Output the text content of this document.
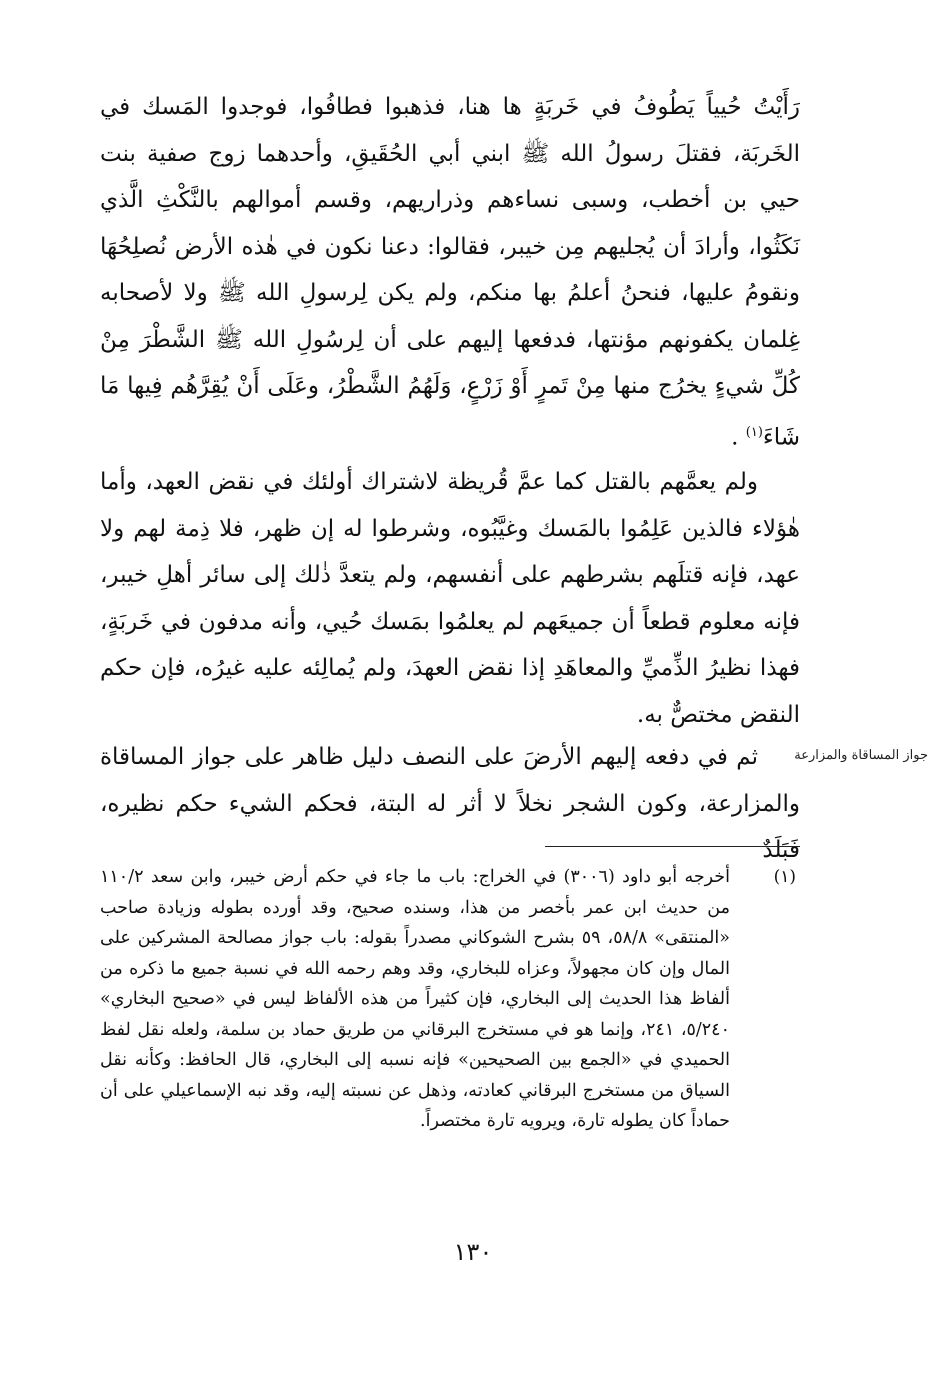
رَأَيْتُ حُيياً يَطُوفُ في خَربَةٍ ها هنا، فذهبوا فطافُوا، فوجدوا المَسك في الخَربَة، فقتلَ رسولُ الله ﷺ ابني أبي الحُقَيقِ، وأحدهما زوج صفية بنت حيي بن أخطب، وسبى نساءهم وذراريهم، وقسم أموالهم بالنَّكْثِ الَّذي نَكَثُوا، وأرادَ أن يُجليهم مِن خيبر، فقالوا: دعنا نكون في هٰذه الأرض نُصلِحُهَا ونقومُ عليها، فنحنُ أعلمُ بها منكم، ولم يكن لِرسولِ الله ﷺ ولا لأصحابه غِلمان يكفونهم مؤنتها، فدفعها إليهم على أن لِرسُولِ الله ﷺ الشَّطْرَ مِنْ كُلِّ شيءٍ يخرُج منها مِنْ تَمرٍ أَوْ زَرْعٍ، وَلَهُمُ الشَّطْرُ، وعَلَى أَنْ يُقِرَّهُم فِيها مَا شَاءَ$^{(١)}$ .

ولم يعمَّهم بالقتل كما عمَّ قُريظة لاشتراك أولئك في نقض العهد، وأما هٰؤلاء فالذين عَلِمُوا بالمَسك وغيَّبُوه، وشرطوا له إن ظهر، فلا ذِمة لهم ولا عهد، فإنه قتلَهم بشرطهم على أنفسهم، ولم يتعدَّ ذٰلك إلى سائر أهلِ خيبر، فإنه معلوم قطعاً أن جميعَهم لم يعلمُوا بمَسك حُيي، وأنه مدفون في خَربَةٍ، فهذا نظيرُ الذِّميِّ والمعاهَدِ إذا نقض العهدَ، ولم يُمالِئه عليه غيرُه، فإن حكم النقض مختصٌّ به.

جواز المساقاة والمزارعة

ثم في دفعه إليهم الأرضَ على النصف دليل ظاهر على جواز المساقاة والمزارعة، وكون الشجر نخلاً لا أثر له البتة، فحكم الشيء حكم نظيره، فَبَلَدٌ

(١)

أخرجه أبو داود (٣٠٠٦) في الخراج: باب ما جاء في حكم أرض خيبر، وابن سعد ١١٠/٢ من حديث ابن عمر بأخصر من هذا، وسنده صحيح، وقد أورده بطوله وزيادة صاحب «المنتقى» ٥٨/٨، ٥٩ بشرح الشوكاني مصدراً بقوله: باب جواز مصالحة المشركين على المال وإن كان مجهولاً، وعزاه للبخاري، وقد وهم رحمه الله في نسبة جميع ما ذكره من ألفاظ هذا الحديث إلى البخاري، فإن كثيراً من هذه الألفاظ ليس في «صحيح البخاري» ٥/٢٤٠، ٢٤١، وإنما هو في مستخرج البرقاني من طريق حماد بن سلمة، ولعله نقل لفظ الحميدي في «الجمع بين الصحيحين» فإنه نسبه إلى البخاري، قال الحافظ: وكأنه نقل السياق من مستخرج البرقاني كعادته، وذهل عن نسبته إليه، وقد نبه الإسماعيلي على أن حماداً كان يطوله تارة، ويرويه تارة مختصراً.

١٣٠
